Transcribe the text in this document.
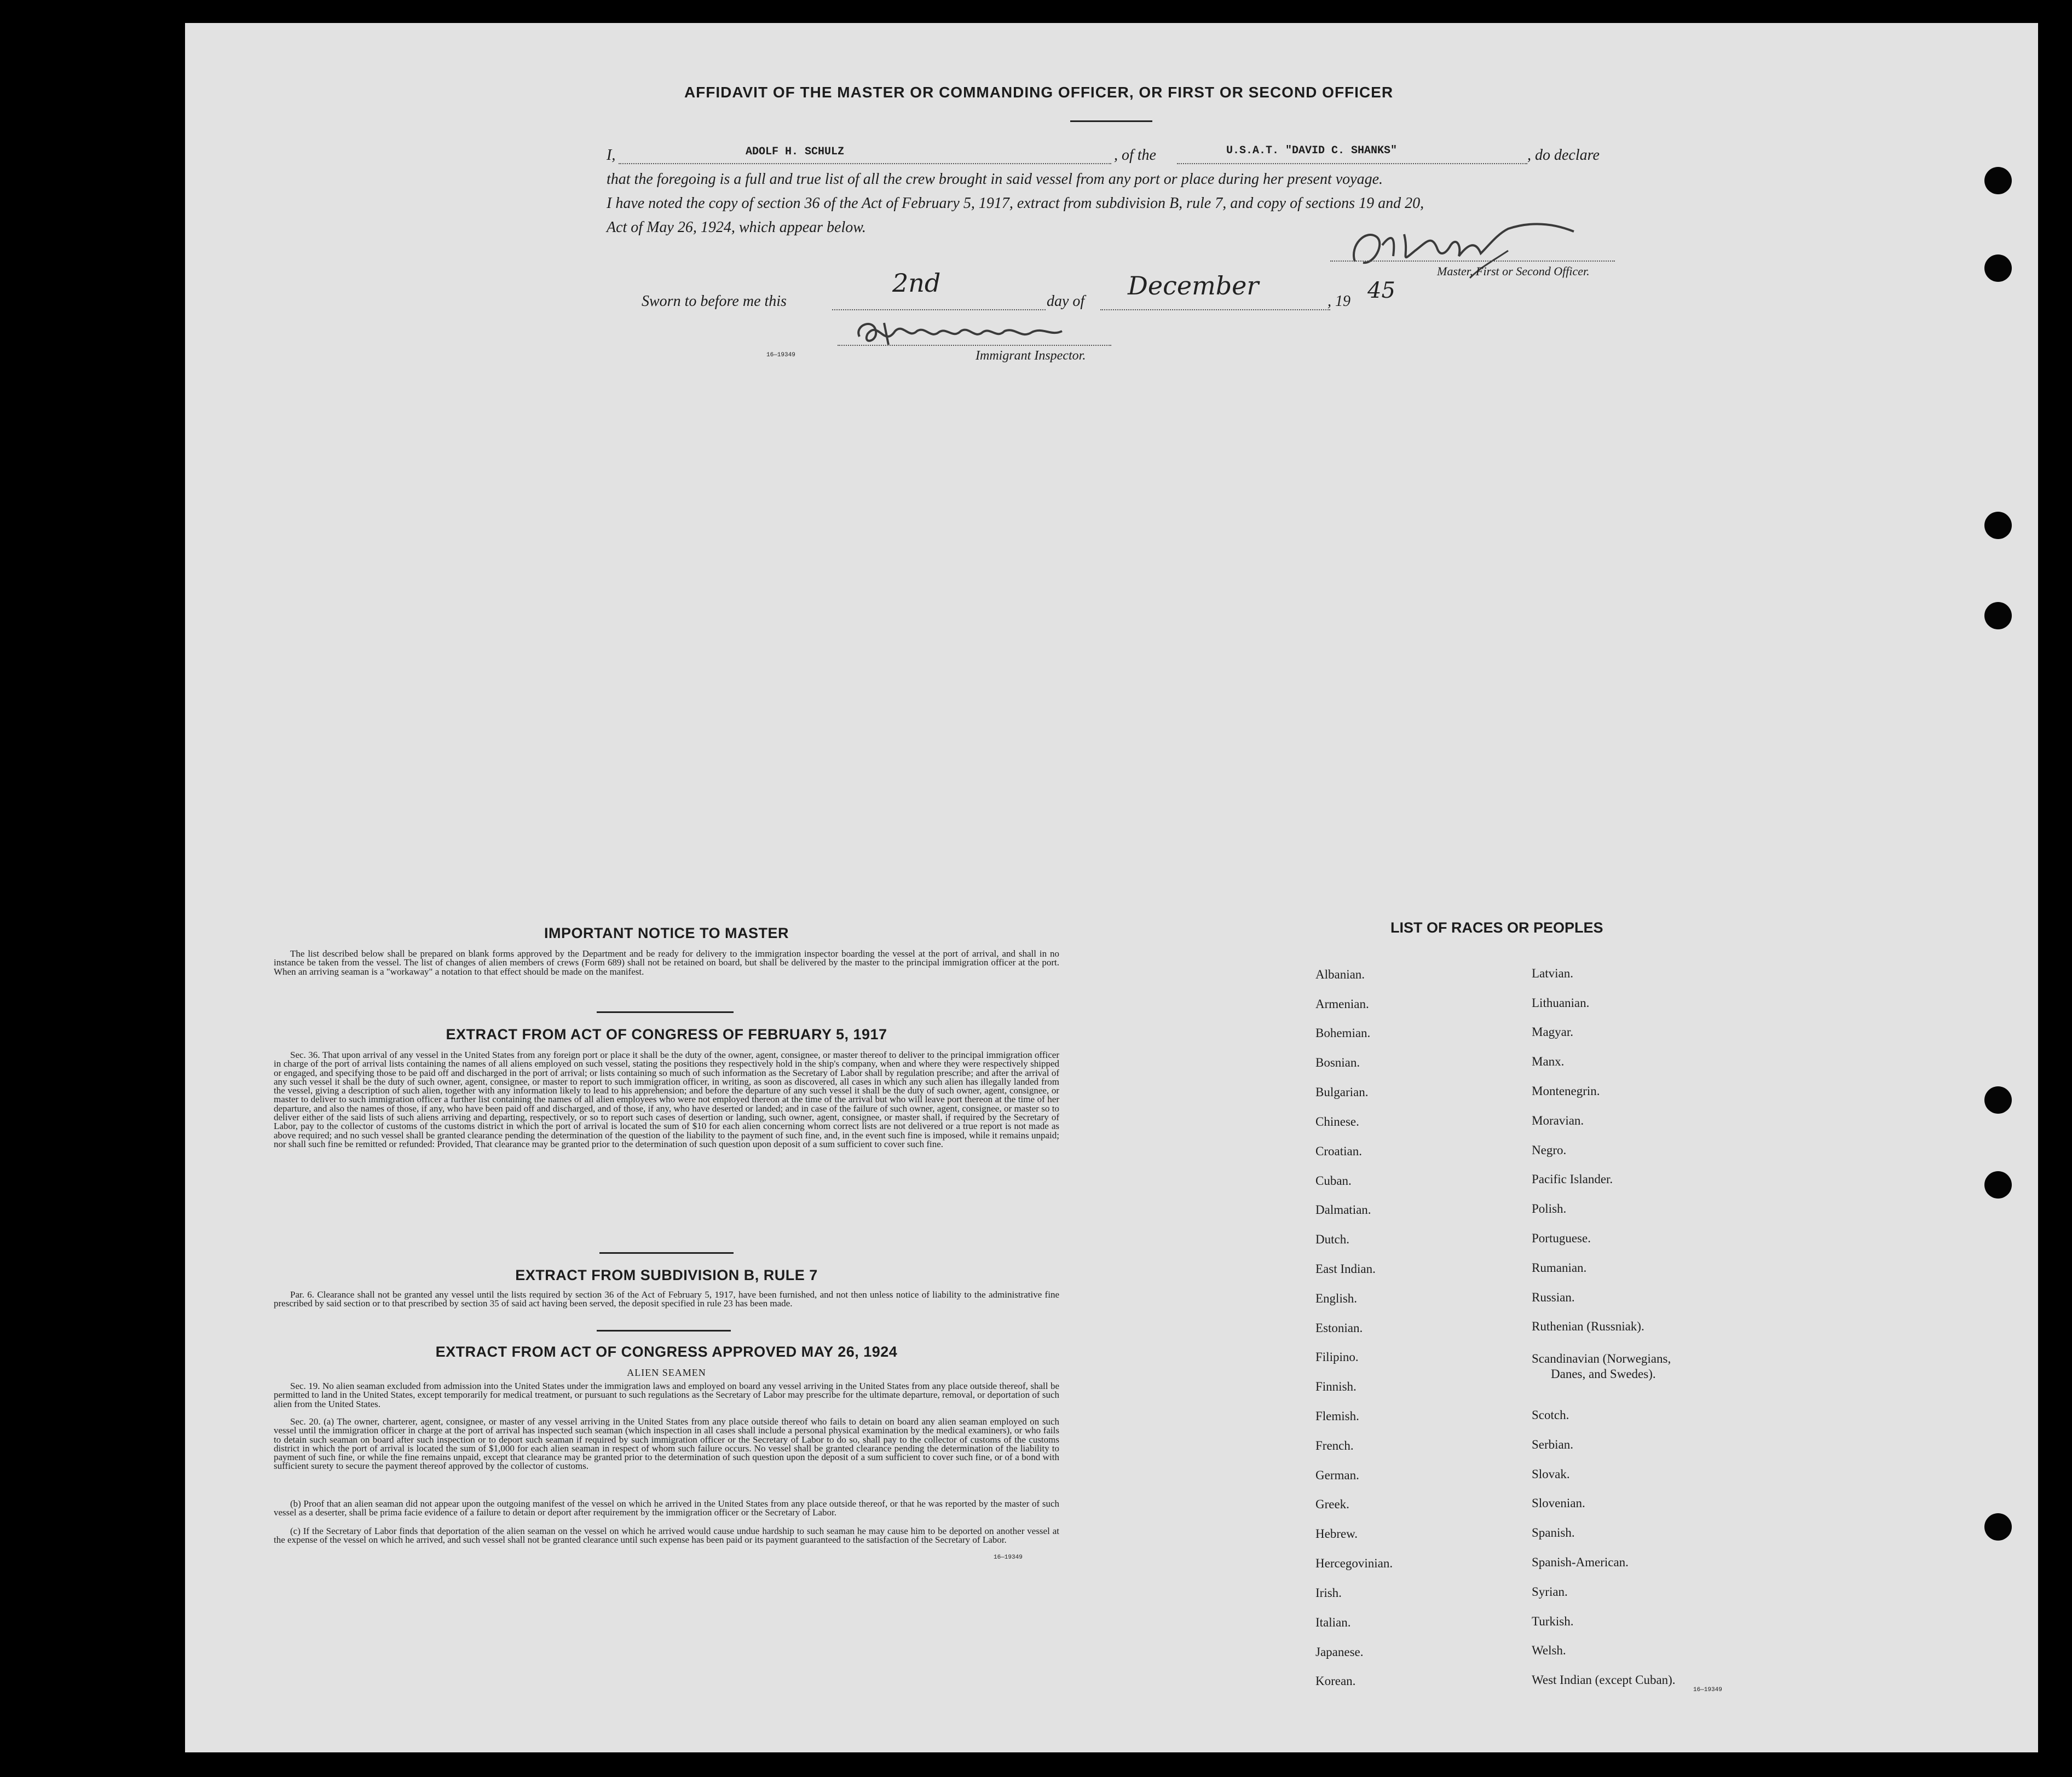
AFFIDAVIT OF THE MASTER OR COMMANDING OFFICER, OR FIRST OR SECOND OFFICER
I,	ADOLF H. SCHULZ	, of the	U.S.A.T. "DAVID C. SHANKS"	, do declare
that the foregoing is a full and true list of all the crew brought in said vessel from any port or place during her present voyage.
I have noted the copy of section 36 of the Act of February 5, 1917, extract from subdivision B, rule 7, and copy of sections 19 and 20,
Act of May 26, 1924, which appear below.
Master, First or Second Officer.
Sworn to before me this
2nd
day of
December
, 19 45
16—19349	Immigrant Inspector.
IMPORTANT NOTICE TO MASTER
The list described below shall be prepared on blank forms approved by the Department and be ready for delivery to the immigration inspector boarding the vessel at the port of arrival, and shall in no instance be taken from the vessel. The list of changes of alien members of crews (Form 689) shall not be retained on board, but shall be delivered by the master to the principal immigration officer at the port. When an arriving seaman is a "workaway" a notation to that effect should be made on the manifest.
EXTRACT FROM ACT OF CONGRESS OF FEBRUARY 5, 1917
Sec. 36. That upon arrival of any vessel in the United States from any foreign port or place it shall be the duty of the owner, agent, consignee, or master thereof to deliver to the principal immigration officer in charge of the port of arrival lists containing the names of all aliens employed on such vessel, stating the positions they respectively hold in the ship's company, when and where they were respectively shipped or engaged, and specifying those to be paid off and discharged in the port of arrival; or lists containing so much of such information as the Secretary of Labor shall by regulation prescribe; and after the arrival of any such vessel it shall be the duty of such owner, agent, consignee, or master to report to such immigration officer, in writing, as soon as discovered, all cases in which any such alien has illegally landed from the vessel, giving a description of such alien, together with any information likely to lead to his apprehension; and before the departure of any such vessel it shall be the duty of such owner, agent, consignee, or master to deliver to such immigration officer a further list containing the names of all alien employees who were not employed thereon at the time of the arrival but who will leave port thereon at the time of her departure, and also the names of those, if any, who have been paid off and discharged, and of those, if any, who have deserted or landed; and in case of the failure of such owner, agent, consignee, or master so to deliver either of the said lists of such aliens arriving and departing, respectively, or so to report such cases of desertion or landing, such owner, agent, consignee, or master shall, if required by the Secretary of Labor, pay to the collector of customs of the customs district in which the port of arrival is located the sum of $10 for each alien concerning whom correct lists are not delivered or a true report is not made as above required; and no such vessel shall be granted clearance pending the determination of the question of the liability to the payment of such fine, and, in the event such fine is imposed, while it remains unpaid; nor shall such fine be remitted or refunded: Provided, That clearance may be granted prior to the determination of such question upon deposit of a sum sufficient to cover such fine.
EXTRACT FROM SUBDIVISION B, RULE 7
Par. 6. Clearance shall not be granted any vessel until the lists required by section 36 of the Act of February 5, 1917, have been furnished, and not then unless notice of liability to the administrative fine prescribed by said section or to that prescribed by section 35 of said act having been served, the deposit specified in rule 23 has been made.
EXTRACT FROM ACT OF CONGRESS APPROVED MAY 26, 1924
ALIEN SEAMEN
Sec. 19. No alien seaman excluded from admission into the United States under the immigration laws and employed on board any vessel arriving in the United States from any place outside thereof, shall be permitted to land in the United States, except temporarily for medical treatment, or pursuant to such regulations as the Secretary of Labor may prescribe for the ultimate departure, removal, or deportation of such alien from the United States.
Sec. 20. (a) The owner, charterer, agent, consignee, or master of any vessel arriving in the United States from any place outside thereof who fails to detain on board any alien seaman employed on such vessel until the immigration officer in charge at the port of arrival has inspected such seaman (which inspection in all cases shall include a personal physical examination by the medical examiners), or who fails to detain such seaman on board after such inspection or to deport such seaman if required by such immigration officer or the Secretary of Labor to do so, shall pay to the collector of customs of the customs district in which the port of arrival is located the sum of $1,000 for each alien seaman in respect of whom such failure occurs. No vessel shall be granted clearance pending the determination of the liability to payment of such fine, or while the fine remains unpaid, except that clearance may be granted prior to the determination of such question upon the deposit of a sum sufficient to cover such fine, or of a bond with sufficient surety to secure the payment thereof approved by the collector of customs.
(b) Proof that an alien seaman did not appear upon the outgoing manifest of the vessel on which he arrived in the United States from any place outside thereof, or that he was reported by the master of such vessel as a deserter, shall be prima facie evidence of a failure to detain or deport after requirement by the immigration officer or the Secretary of Labor.
(c) If the Secretary of Labor finds that deportation of the alien seaman on the vessel on which he arrived would cause undue hardship to such seaman he may cause him to be deported on another vessel at the expense of the vessel on which he arrived, and such vessel shall not be granted clearance until such expense has been paid or its payment guaranteed to the satisfaction of the Secretary of Labor.
16—19349
LIST OF RACES OR PEOPLES
Albanian.
Armenian.
Bohemian.
Bosnian.
Bulgarian.
Chinese.
Croatian.
Cuban.
Dalmatian.
Dutch.
East Indian.
English.
Estonian.
Filipino.
Finnish.
Flemish.
French.
German.
Greek.
Hebrew.
Hercegovinian.
Irish.
Italian.
Japanese.
Korean.
Latvian.
Lithuanian.
Magyar.
Manx.
Montenegrin.
Moravian.
Negro.
Pacific Islander.
Polish.
Portuguese.
Rumanian.
Russian.
Ruthenian (Russniak).
Scandinavian (Norwegians,
Danes, and Swedes).
Scotch.
Serbian.
Slovak.
Slovenian.
Spanish.
Spanish-American.
Syrian.
Turkish.
Welsh.
West Indian (except Cuban).
16—19349
